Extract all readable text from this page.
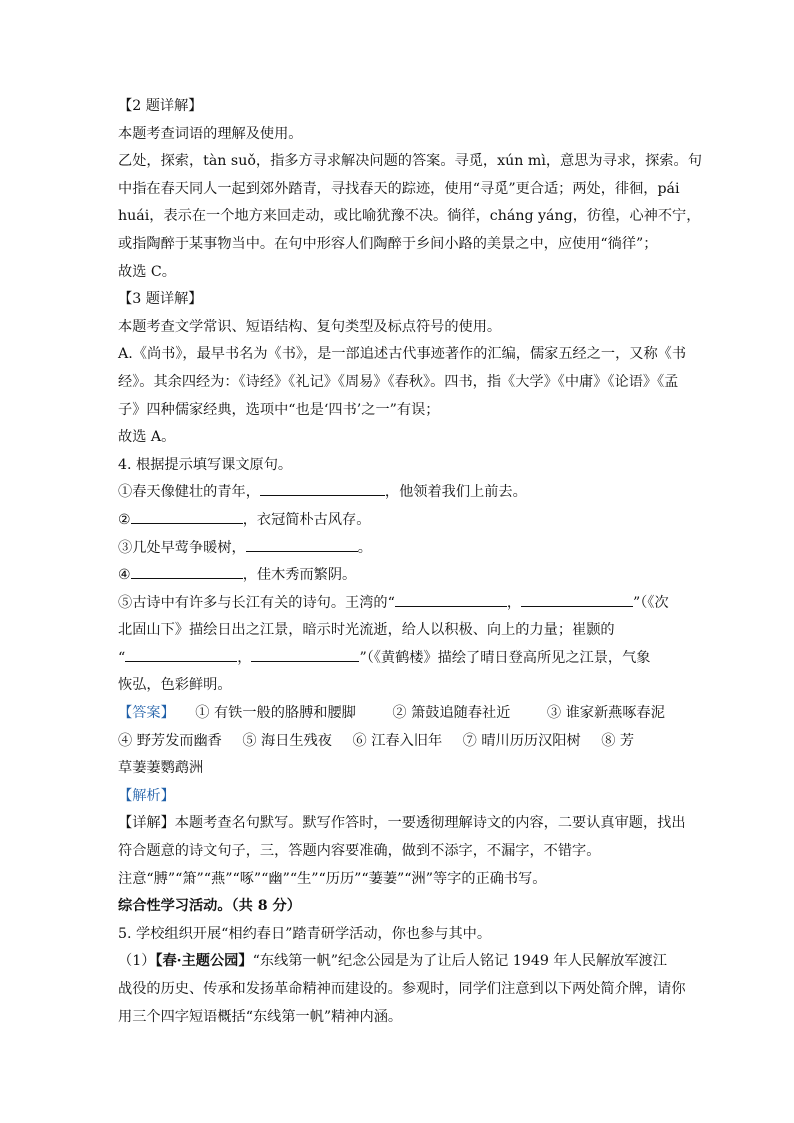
【2 题详解】
本题考查词语的理解及使用。
乙处，探索，tàn suǒ，指多方寻求解决问题的答案。寻觅，xún mì，意思为寻求，探索。句
中指在春天同人一起到郊外踏青，寻找春天的踪迹，使用“寻觅”更合适；两处，徘徊，pái
huái，表示在一个地方来回走动，或比喻犹豫不决。徜徉，cháng yáng，彷徨，心神不宁，
或指陶醉于某事物当中。在句中形容人们陶醉于乡间小路的美景之中，应使用“徜徉”；
故选 C。
【3 题详解】
本题考查文学常识、短语结构、复句类型及标点符号的使用。
A.《尚书》，最早书名为《书》，是一部追述古代事迹著作的汇编，儒家五经之一，又称《书
经》。其余四经为：《诗经》《礼记》《周易》《春秋》。四书，指《大学》《中庸》《论语》《孟
子》四种儒家经典，选项中“也是‘四书’之一”有误；
故选 A。
4. 根据提示填写课文原句。
①春天像健壮的青年，	，他领着我们上前去。
②	，衣冠简朴古风存。
③几处早莺争暖树，	。
④	，佳木秀而繁阴。
⑤古诗中有许多与长江有关的诗句。王湾的“	，	”（《次
北固山下》描绘日出之江景，暗示时光流逝，给人以积极、向上的力量；崔颢的
“	，	”（《黄鹤楼》描绘了晴日登高所见之江景，气象
恢弘，色彩鲜明。
【答案】 ① 有铁一般的胳膊和腰脚	② 箫鼓追随春社近	③ 谁家新燕啄春泥
④ 野芳发而幽香 ⑤ 海日生残夜 ⑥ 江春入旧年 ⑦ 晴川历历汉阳树 ⑧ 芳
草萋萋鹦鹉洲
【解析】
【详解】本题考查名句默写。默写作答时，一要透彻理解诗文的内容，二要认真审题，找出
符合题意的诗文句子，三，答题内容要准确，做到不添字，不漏字，不错字。
注意“膊”“箫”“燕”“啄”“幽”“生”“历历”“萋萋”“洲”等字的正确书写。
综合性学习活动。（共 8 分）
5. 学校组织开展“相约春日”踏青研学活动，你也参与其中。
（1）【春·主题公园】“东线第一帆”纪念公园是为了让后人铭记 1949 年人民解放军渡江
战役的历史、传承和发扬革命精神而建设的。参观时，同学们注意到以下两处简介牌，请你
用三个四字短语概括“东线第一帆”精神内涵。
